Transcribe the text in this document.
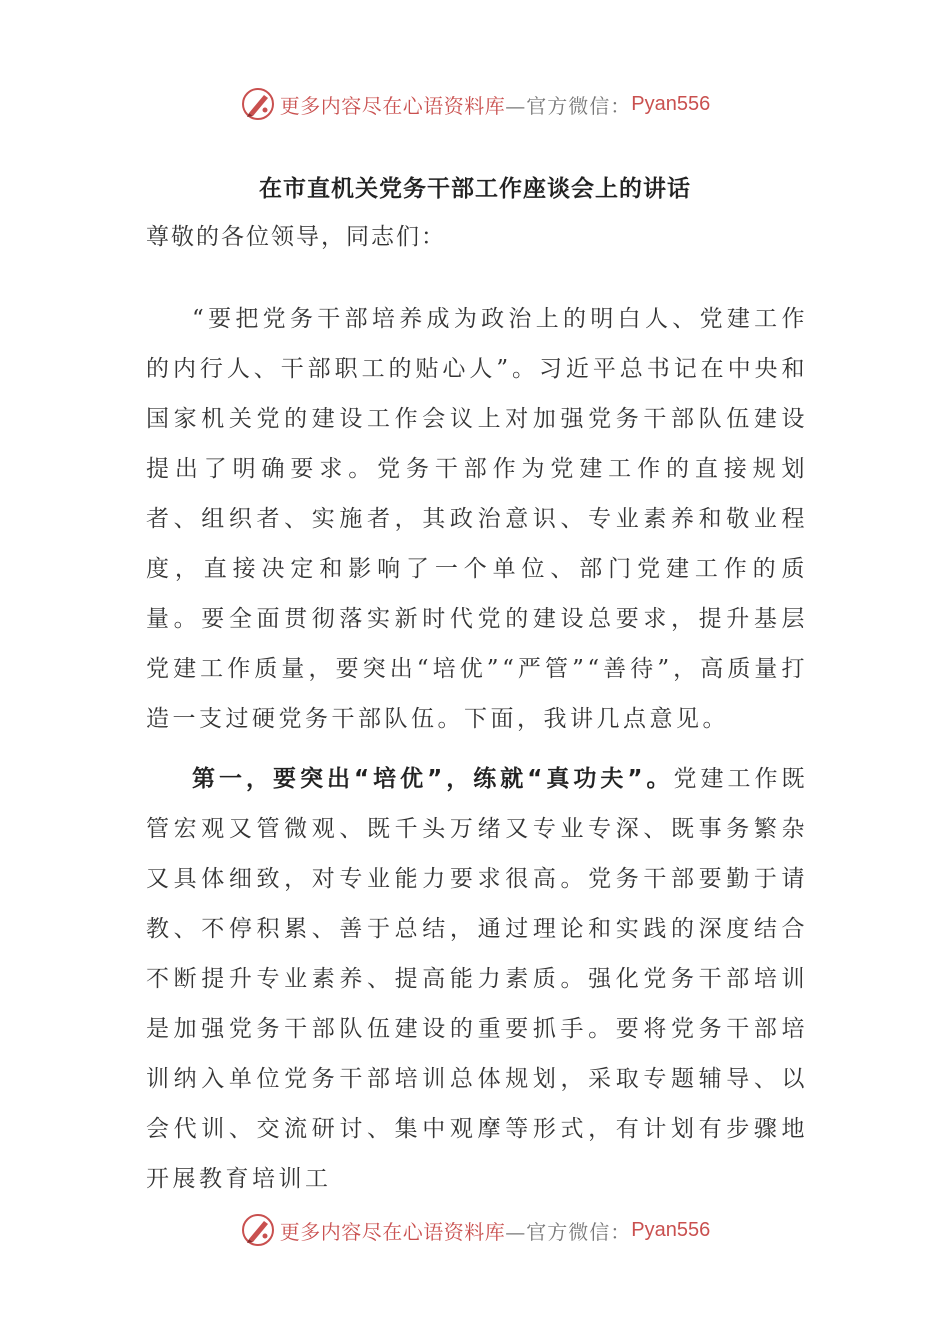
更多内容尽在心语资料库 —官方微信： Pyan556
在市直机关党务干部工作座谈会上的讲话
尊敬的各位领导，同志们：

“要把党务干部培养成为政治上的明白人、党建工作的内行人、干部职工的贴心人”。习近平总书记在中央和国家机关党的建设工作会议上对加强党务干部队伍建设提出了明确要求。党务干部作为党建工作的直接规划者、组织者、实施者，其政治意识、专业素养和敬业程度，直接决定和影响了一个单位、部门党建工作的质量。要全面贯彻落实新时代党的建设总要求，提升基层党建工作质量，要突出“培优”“严管”“善待”，高质量打造一支过硬党务干部队伍。下面，我讲几点意见。

第一，要突出“培优”，练就“真功夫”。党建工作既管宏观又管微观、既千头万绪又专业专深、既事务繁杂又具体细致，对专业能力要求很高。党务干部要勤于请教、不停积累、善于总结，通过理论和实践的深度结合不断提升专业素养、提高能力素质。强化党务干部培训是加强党务干部队伍建设的重要抓手。要将党务干部培训纳入单位党务干部培训总体规划，采取专题辅导、以会代训、交流研讨、集中观摩等形式，有计划有步骤地开展教育培训工

更多内容尽在心语资料库 —官方微信： Pyan556
